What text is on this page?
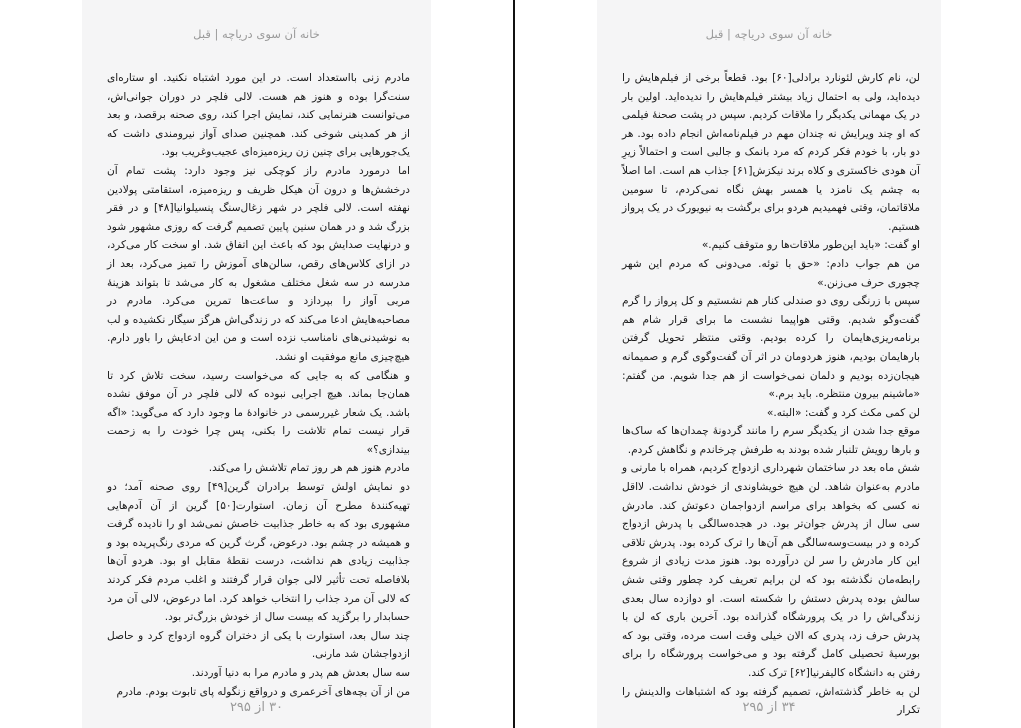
خانه آن سوی دریاچه | قبل

مادرم زنی بااستعداد است. در این مورد اشتباه نکنید. او ستاره‌ای سنت‌گرا بوده و هنوز هم هست. لالی فلچر در دوران جوانی‌اش، می‌توانست هنرنمایی کند، نمایش اجرا کند، روی صحنه برقصد، و بعد از هر کمدینی شوخی کند. همچنین صدای آواز نیرومندی داشت که یک‌جورهایی برای چنین زن ریزه‌میزه‌ای عجیب‌وغریب بود.

اما درمورد مادرم راز کوچکی نیز وجود دارد: پشت تمام آن درخشش‌ها و درون آن هیکل ظریف و ریزه‌میزه، استقامتی پولادین نهفته است. لالی فلچر در شهر زغال‌سنگ پنسیلوانیا[۴۸] و در فقر بزرگ شد و در همان سنین پایین تصمیم گرفت که روزی مشهور شود و درنهایت صدایش بود که باعث این اتفاق شد. او سخت کار می‌کرد، در ازای کلاس‌های رقص، سالن‌های آموزش را تمیز می‌کرد، بعد از مدرسه در سه شغل مختلف مشغول به کار می‌شد تا بتواند هزینهٔ مربی آواز را بپردازد و ساعت‌ها تمرین می‌کرد. مادرم در مصاحبه‌هایش ادعا می‌کند که در زندگی‌اش هرگز سیگار نکشیده و لب به نوشیدنی‌های نامناسب نزده است و من این ادعایش را باور دارم. هیچ‌چیزی مانع موفقیت او نشد.

و هنگامی که به جایی که می‌خواست رسید، سخت تلاش کرد تا همان‌جا بماند. هیچ اجرایی نبوده که لالی فلچر در آن موفق نشده باشد. یک شعار غیررسمی در خانوادهٔ ما وجود دارد که می‌گوید: «اگه قرار نیست تمام تلاشت را بکنی، پس چرا خودت را به زحمت بیندازی؟»

مادرم هنوز هم هر روز تمام تلاشش را می‌کند.

دو نمایش اولش توسط برادران گرین[۴۹] روی صحنه آمد؛ دو تهیه‌کنندهٔ مطرح آن زمان. استوارت[۵۰] گرین از آن آدم‌هایی مشهوری بود که به خاطر جذابیت خاصش نمی‌شد او را نادیده گرفت و همیشه در چشم بود. درعوض، گرث گرین که مردی رنگ‌پریده بود و جذابیت زیادی هم نداشت، درست نقطهٔ مقابل او بود. هردو آن‌ها بلافاصله تحت تأثیر لالی جوان قرار گرفتند و اغلب مردم فکر کردند که لالی آن مرد جذاب را انتخاب خواهد کرد. اما درعوض، لالی آن مرد حسابدار را برگزید که بیست سال از خودش بزرگ‌تر بود.

چند سال بعد، استوارت با یکی از دختران گروه ازدواج کرد و حاصل ازدواجشان شد مارنی.

سه سال بعدش هم پدر و مادرم مرا به دنیا آوردند.

من از آن بچه‌های آخرعمری و درواقع زنگوله پای تابوت بودم. مادرم

۳۰ از ۲۹۵
خانه آن سوی دریاچه | قبل

لن، نام کارش لئونارد برادلی[۶۰] بود. قطعاً برخی از فیلم‌هایش را دیده‌اید، ولی به احتمال زیاد بیشتر فیلم‌هایش را ندیده‌اید. اولین بار در یک مهمانی یکدیگر را ملاقات کردیم. سپس در پشت صحنهٔ فیلمی که او چند ویرایش نه چندان مهم در فیلم‌نامه‌اش انجام داده بود. هر دو بار، با خودم فکر کردم که مرد بانمک و جالبی است و احتمالاً زیرِ آن هودی خاکستری و کلاه برند نیکزش[۶۱] جذاب هم است. اما اصلاً به چشم یک نامزد یا همسر بهش نگاه نمی‌کردم، تا سومین ملاقاتمان، وقتی فهمیدیم هردو برای برگشت به نیویورک در یک پرواز هستیم.

او گفت: «باید این‌طور ملاقات‌ها رو متوقف کنیم.»

من هم جواب دادم: «حق با توئه. می‌دونی که مردم این شهر چجوری حرف می‌زنن.»

سپس با زرنگی روی دو صندلی کنار هم نشستیم و کل پرواز را گرم گفت‌وگو شدیم. وقتی هواپیما نشست ما برای قرار شام هم برنامه‌ریزی‌هایمان را کرده بودیم. وقتی منتظر تحویل گرفتن بارهایمان بودیم، هنوز هردومان در اثر آن گفت‌وگوی گرم و صمیمانه هیجان‌زده بودیم و دلمان نمی‌خواست از هم جدا شویم. من گفتم: «ماشینم بیرون منتظره. باید برم.»

لن کمی مکث کرد و گفت: «البته.»

موقع جدا شدن از یکدیگر سرم را مانند گردونهٔ چمدان‌ها که ساک‌ها و بارها رویش تلنبار شده بودند به طرفش چرخاندم و نگاهش کردم.

شش ماه بعد در ساختمان شهرداری ازدواج کردیم، همراه با مارنی و مادرم به‌عنوان شاهد. لن هیچ خویشاوندی از خودش نداشت. لااقل نه کسی که بخواهد برای مراسم ازدواجمان دعوتش کند. مادرش سی سال از پدرش جوان‌تر بود. در هجده‌سالگی با پدرش ازدواج کرده و در بیست‌وسه‌سالگی هم آن‌ها را ترک کرده بود. پدرش تلاقی این کار مادرش را سر لن درآورده بود. هنوز مدت زیادی از شروع رابطه‌مان نگذشته بود که لن برایم تعریف کرد چطور وقتی شش سالش بوده پدرش دستش را شکسته است. او دوازده سال بعدی زندگی‌اش را در یک پرورشگاه گذرانده بود. آخرین باری که لن با پدرش حرف زد، پدری که الان خیلی وقت است مرده، وقتی بود که بورسیهٔ تحصیلی کامل گرفته بود و می‌خواست پرورشگاه را برای رفتن به دانشگاه کالیفرنیا[۶۲] ترک کند.

لن به خاطر گذشته‌اش، تصمیم گرفته بود که اشتباهات والدینش را تکرار

۳۴ از ۲۹۵
